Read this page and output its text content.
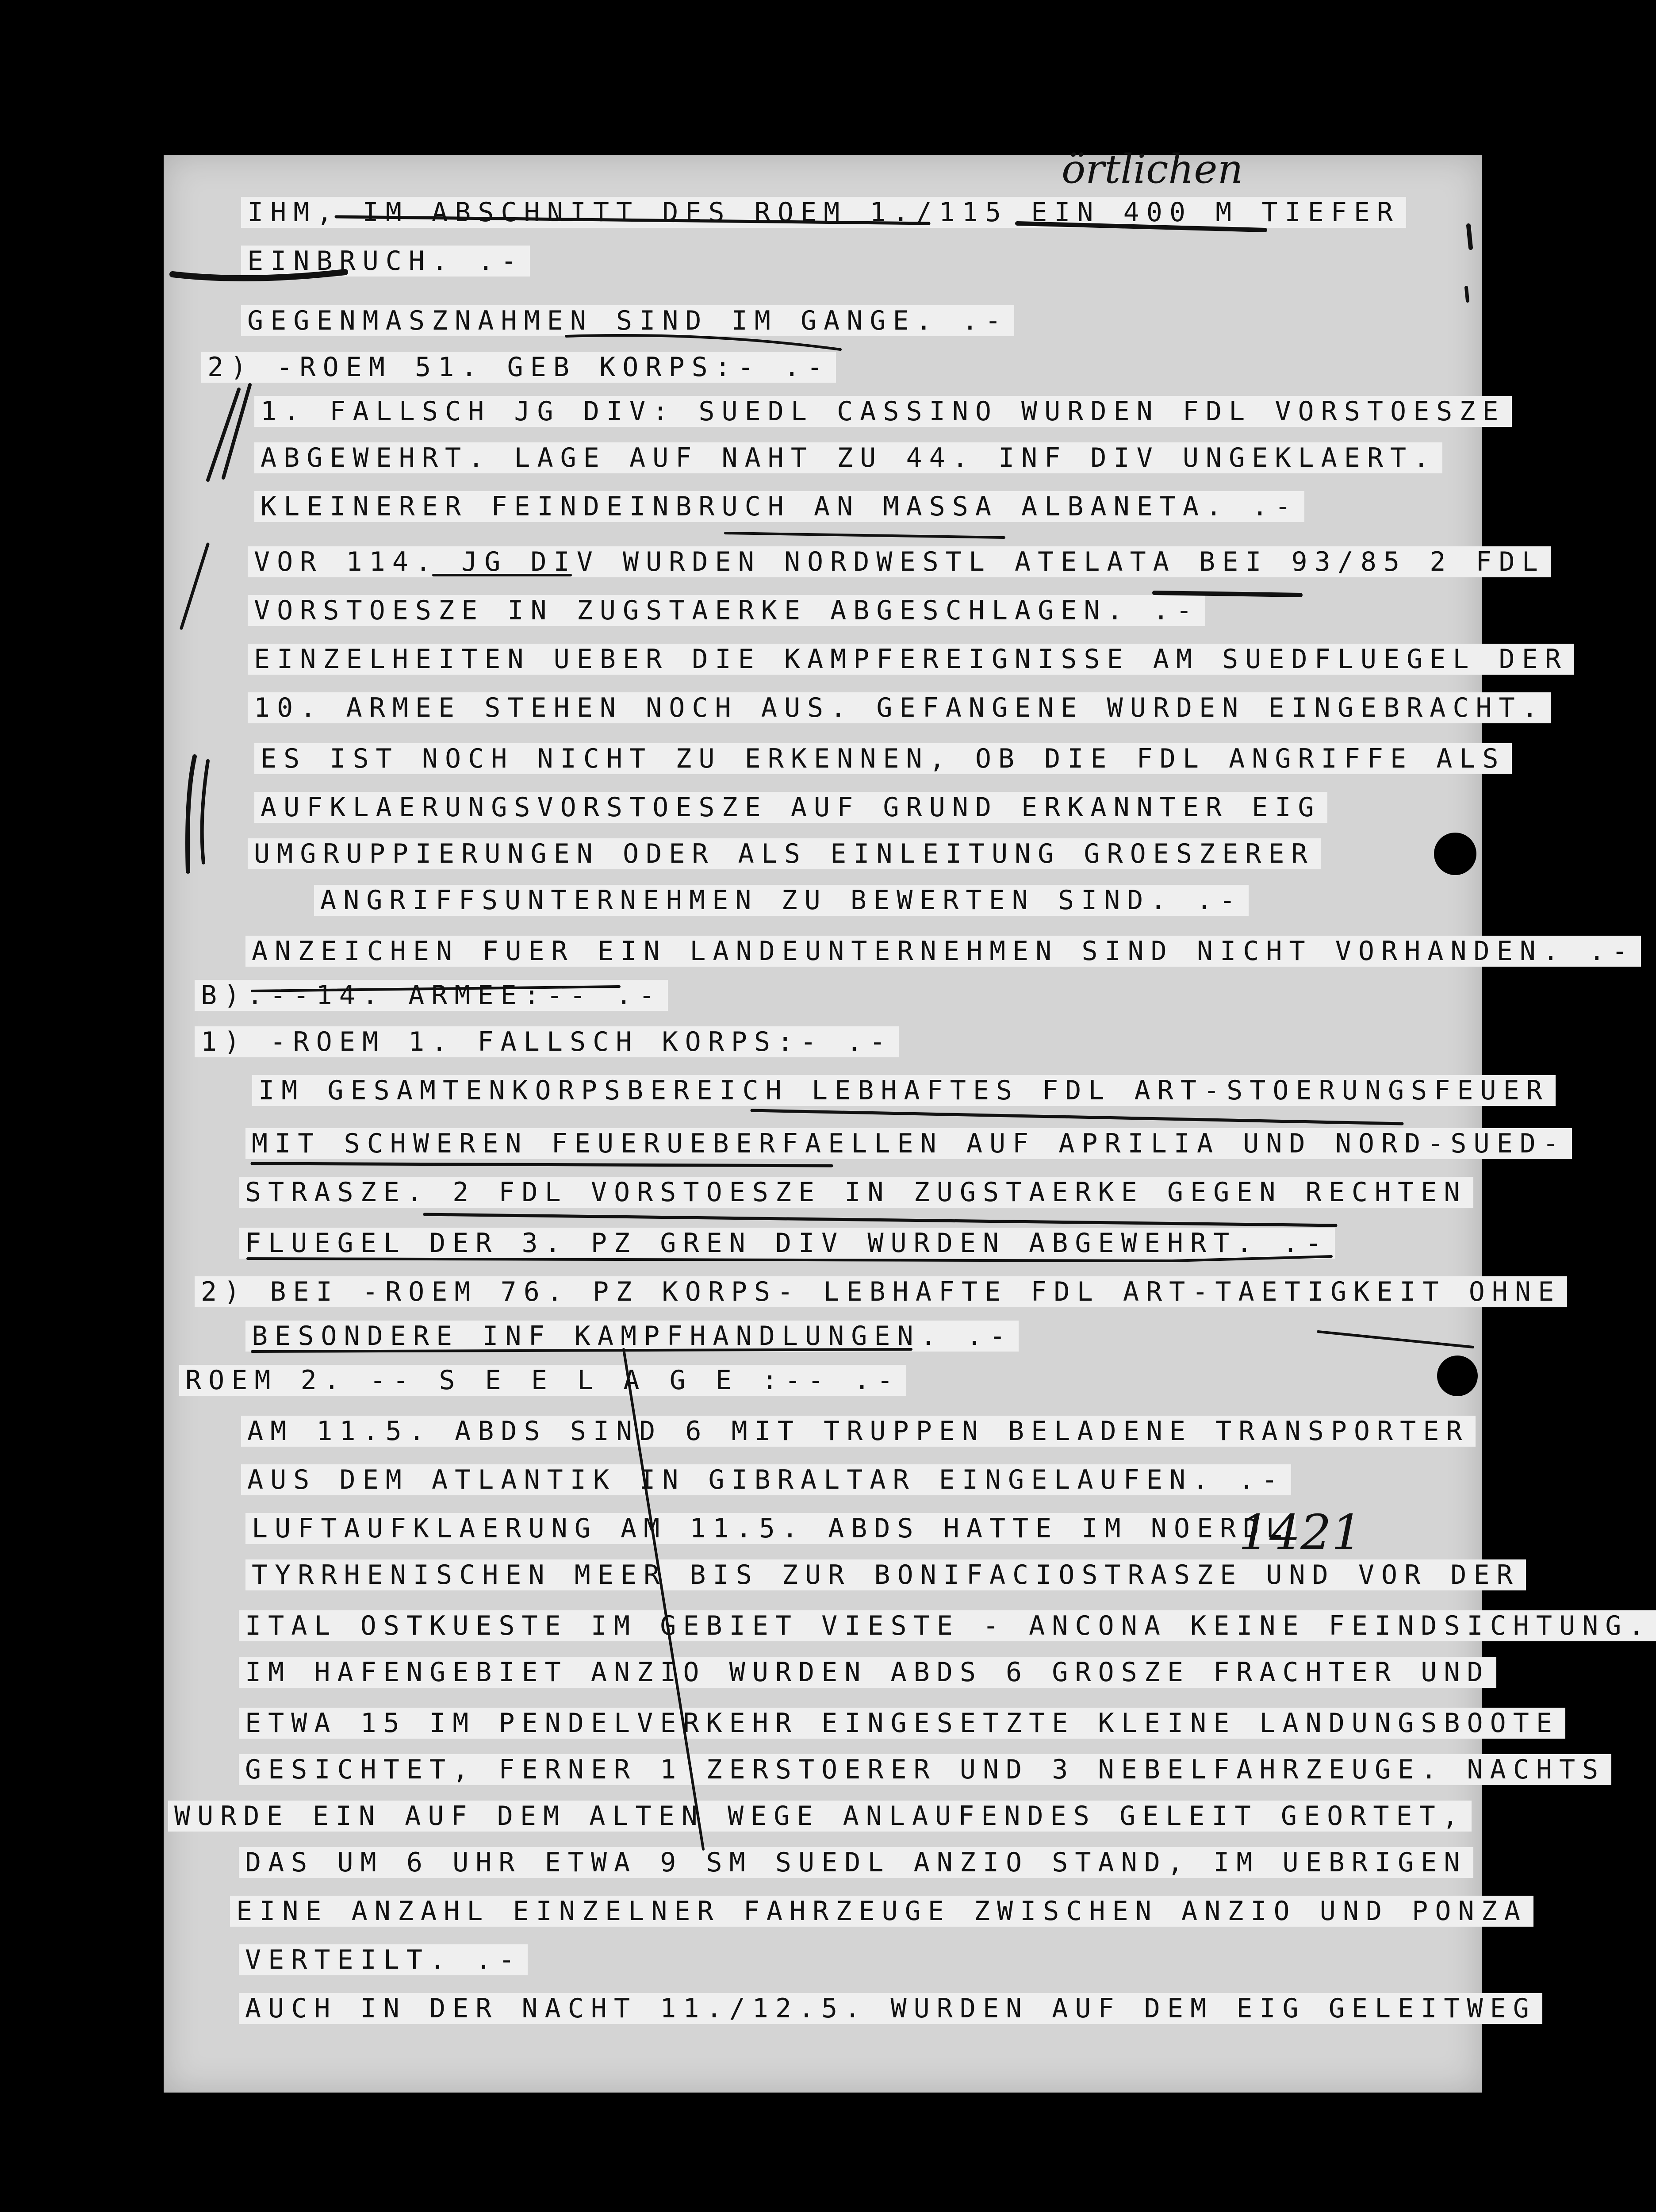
IHM, IM ABSCHNITT DES ROEM 1./115 EIN 400 M TIEFER

EINBRUCH. .-

GEGENMASZNAHMEN SIND IM GANGE. .-

2) -ROEM 51. GEB KORPS:- .-

1. FALLSCH JG DIV: SUEDL CASSINO WURDEN FDL VORSTOESZE

ABGEWEHRT. LAGE AUF NAHT ZU 44. INF DIV UNGEKLAERT.

KLEINERER FEINDEINBRUCH AN MASSA ALBANETA. .-

VOR 114. JG DIV WURDEN NORDWESTL ATELATA BEI 93/85 2 FDL

VORSTOESZE IN ZUGSTAERKE ABGESCHLAGEN. .-

EINZELHEITEN UEBER DIE KAMPFEREIGNISSE AM SUEDFLUEGEL DER

10. ARMEE STEHEN NOCH AUS. GEFANGENE WURDEN EINGEBRACHT.

ES IST NOCH NICHT ZU ERKENNEN, OB DIE FDL ANGRIFFE ALS

AUFKLAERUNGSVORSTOESZE AUF GRUND ERKANNTER EIG

UMGRUPPIERUNGEN ODER ALS EINLEITUNG GROESZERER

ANGRIFFSUNTERNEHMEN ZU BEWERTEN SIND. .-

ANZEICHEN FUER EIN LANDEUNTERNEHMEN SIND NICHT VORHANDEN. .-

B).--14. ARMEE:-- .-

1) -ROEM 1. FALLSCH KORPS:- .-

IM GESAMTENKORPSBEREICH LEBHAFTES FDL ART-STOERUNGSFEUER

MIT SCHWEREN FEUERUEBERFAELLEN AUF APRILIA UND NORD-SUED-

STRASZE. 2 FDL VORSTOESZE IN ZUGSTAERKE GEGEN RECHTEN

FLUEGEL DER 3. PZ GREN DIV WURDEN ABGEWEHRT. .-

2) BEI -ROEM 76. PZ KORPS- LEBHAFTE FDL ART-TAETIGKEIT OHNE

BESONDERE INF KAMPFHANDLUNGEN. .-

ROEM 2. -- S E E L A G E :-- .-

AM 11.5. ABDS SIND 6 MIT TRUPPEN BELADENE TRANSPORTER

AUS DEM ATLANTIK IN GIBRALTAR EINGELAUFEN. .-

LUFTAUFKLAERUNG AM 11.5. ABDS HATTE IM NOERDL

TYRRHENISCHEN MEER BIS ZUR BONIFACIOSTRASZE UND VOR DER

ITAL OSTKUESTE IM GEBIET VIESTE - ANCONA KEINE FEINDSICHTUNG.

IM HAFENGEBIET ANZIO WURDEN ABDS 6 GROSZE FRACHTER UND

ETWA 15 IM PENDELVERKEHR EINGESETZTE KLEINE LANDUNGSBOOTE

GESICHTET, FERNER 1 ZERSTOERER UND 3 NEBELFAHRZEUGE. NACHTS

WURDE EIN AUF DEM ALTEN WEGE ANLAUFENDES GELEIT GEORTET,

DAS UM 6 UHR ETWA 9 SM SUEDL ANZIO STAND, IM UEBRIGEN

EINE ANZAHL EINZELNER FAHRZEUGE ZWISCHEN ANZIO UND PONZA

VERTEILT. .-

AUCH IN DER NACHT 11./12.5. WURDEN AUF DEM EIG GELEITWEG

örtlichen
1421
